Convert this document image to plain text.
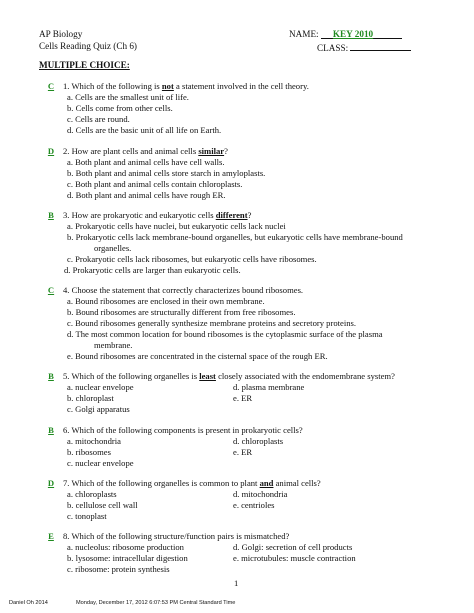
AP Biology
Cells Reading Quiz (Ch 6)
NAME: KEY 2010
CLASS:
MULTIPLE CHOICE:
C 1. Which of the following is not a statement involved in the cell theory.
a. Cells are the smallest unit of life.
b. Cells come from other cells.
c. Cells are round.
d. Cells are the basic unit of all life on Earth.
D 2. How are plant cells and animal cells similar?
a. Both plant and animal cells have cell walls.
b. Both plant and animal cells store starch in amyloplasts.
c. Both plant and animal cells contain chloroplasts.
d. Both plant and animal cells have rough ER.
B 3. How are prokaryotic and eukaryotic cells different?
a. Prokaryotic cells have nuclei, but eukaryotic cells lack nuclei
b. Prokaryotic cells lack membrane-bound organelles, but eukaryotic cells have membrane-bound
organelles.
c. Prokaryotic cells lack ribosomes, but eukaryotic cells have ribosomes.
d. Prokaryotic cells are larger than eukaryotic cells.
C 4. Choose the statement that correctly characterizes bound ribosomes.
a. Bound ribosomes are enclosed in their own membrane.
b. Bound ribosomes are structurally different from free ribosomes.
c. Bound ribosomes generally synthesize membrane proteins and secretory proteins.
d. The most common location for bound ribosomes is the cytoplasmic surface of the plasma
membrane.
e. Bound ribosomes are concentrated in the cisternal space of the rough ER.
B 5. Which of the following organelles is least closely associated with the endomembrane system?
a. nuclear envelope	d. plasma membrane
b. chloroplast	e. ER
c. Golgi apparatus
B 6. Which of the following components is present in prokaryotic cells?
a. mitochondria	d. chloroplasts
b. ribosomes	e. ER
c. nuclear envelope
D 7. Which of the following organelles is common to plant and animal cells?
a. chloroplasts	d. mitochondria
b. cellulose cell wall	e. centrioles
c. tonoplast
E 8. Which of the following structure/function pairs is mismatched?
a. nucleolus: ribosome production	d. Golgi: secretion of cell products
b. lysosome: intracellular digestion	e. microtubules: muscle contraction
c. ribosome: protein synthesis
1
Daniel Oh 2014	Monday, December 17, 2012 6:07:53 PM Central Standard Time
